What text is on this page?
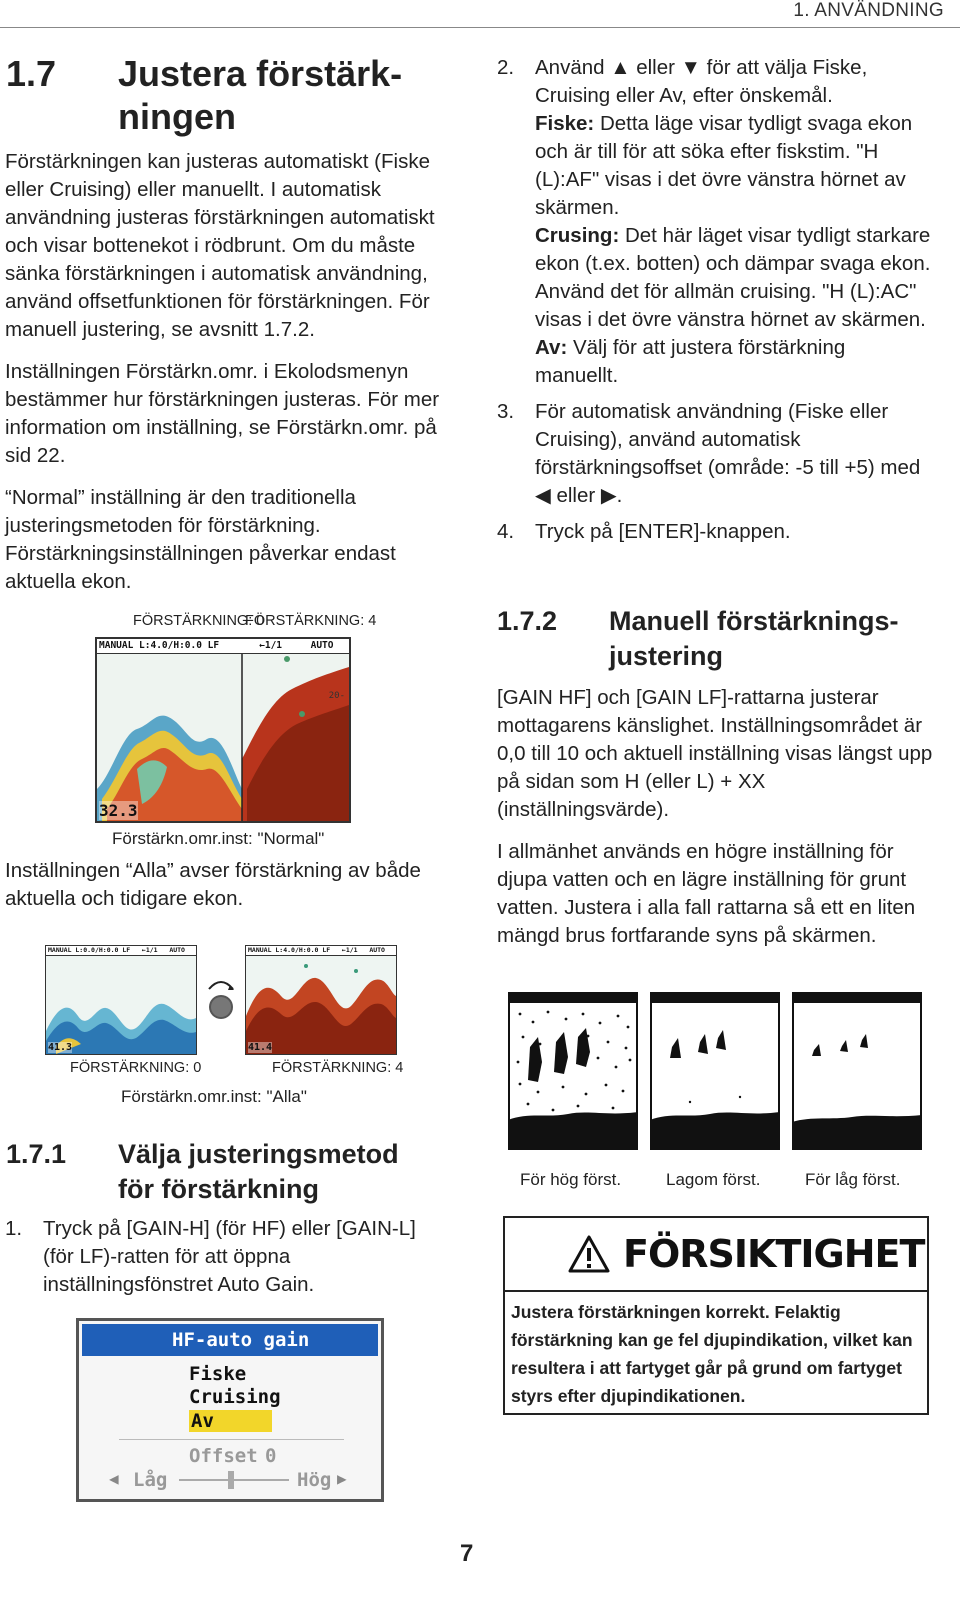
1. ANVÄNDNING
1.7 Justera förstärk-
ningen

Förstärkningen kan justeras automatiskt (Fiske eller Cruising) eller manuellt. I automatisk användning justeras förstärkningen automatiskt och visar bottenekot i rödbrunt. Om du måste sänka förstärkningen i automatisk användning, använd offsetfunktionen för förstärkningen. För manuell justering, se avsnitt 1.7.2.

Inställningen Förstärkn.omr. i Ekolodsmenyn bestämmer hur förstärkningen justeras. För mer information om inställning, se Förstärkn.omr. på sid 22.

“Normal” inställning är den traditionella justeringsmetoden för förstärkning. Förstärkningsinställningen påverkar endast aktuella ekon.

FÖRSTÄRKNING: 0
FÖRSTÄRKNING: 4
MANUAL L:4.0/H:0.0 LF       ←1/1     AUTO
20-
32.3
Förstärkn.omr.inst: "Normal"

Inställningen “Alla” avser förstärkning av både aktuella och tidigare ekon.

MANUAL L:0.0/H:0.0 LF   ←1/1   AUTO
41.3
MANUAL L:4.0/H:0.0 LF   ←1/1   AUTO
41.4
FÖRSTÄRKNING: 0	FÖRSTÄRKNING: 4
Förstärkn.omr.inst: "Alla"
1.7.1 Välja justeringsmetod
för förstärkning
1.	Tryck på [GAIN-H] (för HF) eller [GAIN-L] (för LF)-ratten för att öppna inställningsfönstret Auto Gain.
HF-auto gain
Fiske
Cruising
Av
Offset 0
◀ Låg	Hög ▶
2.	Använd ▲ eller ▼ för att välja Fiske, Cruising eller Av, efter önskemål.
Fiske: Detta läge visar tydligt svaga ekon och är till för att söka efter fiskstim. "H (L):AF" visas i det övre vänstra hörnet av skärmen.
Crusing: Det här läget visar tydligt starkare ekon (t.ex. botten) och dämpar svaga ekon. Använd det för allmän cruising. "H (L):AC" visas i det övre vänstra hörnet av skärmen.
Av: Välj för att justera förstärkning manuellt.
3.	För automatisk användning (Fiske eller Cruising), använd automatisk förstärkningsoffset (område: -5 till +5) med ◀ eller ▶.
4.	Tryck på [ENTER]-knappen.
1.7.2 Manuell förstärknings-
justering

[GAIN HF] och [GAIN LF]-rattarna justerar mottagarens känslighet. Inställningsområdet är 0,0 till 10 och aktuell inställning visas längst upp på sidan som H (eller L) + XX (inställningsvärde).

I allmänhet används en högre inställning för djupa vatten och en lägre inställning för grunt vatten. Justera i alla fall rattarna så ett en liten mängd brus fortfarande syns på skärmen.

För hög först.	Lagom först.	För låg först.
FÖRSIKTIGHET
Justera förstärkningen korrekt. Felaktig förstärkning kan ge fel djupindikation, vilket kan resultera i att fartyget går på grund om fartyget styrs efter djupindikationen.
7
